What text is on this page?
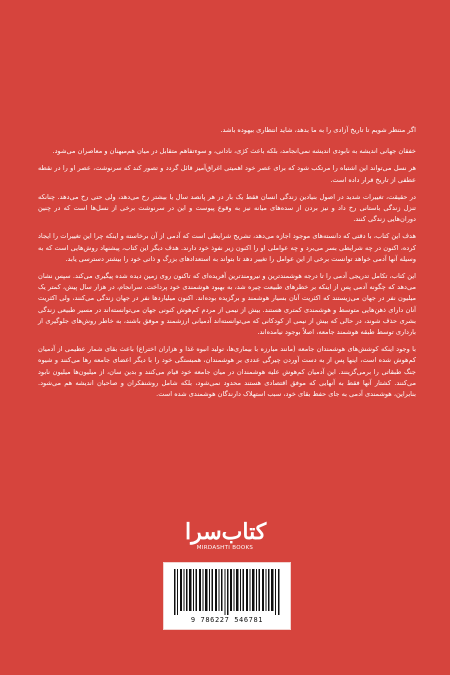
اگر منتظر شویم تا تاریخ آزادی را به ما بدهد، شاید انتظاری بیهوده باشد.

خفقان جهانی اندیشه به نابودی اندیشه نمی‌انجامد، بلکه باعث کژی، نادانی، و سوءتفاهم متقابل در میان هم‌میهنان و معاصران می‌شود.

هر نسل می‌تواند این اشتباه را مرتکب شود که برای عصر خود اهمیتی اغراق‌آمیز قائل گردد و تصور کند که سرنوشت، عصر او را در نقطه عطفی از تاریخ قرار داده است.

در حقیقت، تغییرات شدید در اصول بنیادین زندگی انسان فقط یک بار در هر پانصد سال یا بیشتر رخ می‌دهد، ولی حتی رخ می‌دهد. چنانکه تنزل زندگی باستانی رخ داد و نیز بردن از سده‌های میانه نیز به وقوع پیوست و این در سرنوشت برخی از نسل‌ها است که در چنین دوران‌هایی زندگی کنند.

هدف این کتاب، با دقتی که دانسته‌های موجود اجازه می‌دهد، تشریح شرایطی است که آدمی از آن برخاسته و اینکه چرا این تغییرات را ایجاد کرده، اکنون در چه شرایطی بسر می‌برد و چه عواملی او را اکنون زیر نفوذ خود دارند. هدف دیگر این کتاب، پیشنهاد روش‌هایی است که به وسیله آنها آدمی خواهد توانست برخی از این عوامل را تغییر دهد تا بتواند به استعدادهای بزرگ و ذاتی خود را بیشتر دسترسی یابد.

این کتاب، تکامل تدریجی آدمی را تا درجه هوشمندترین و نیرومندترین آفریده‌ای که تاکنون روی زمین دیده شده پیگیری می‌کند. سپس نشان می‌دهد که چگونه آدمی پس از اینکه بر خطرهای طبیعت چیره شد، به بهبود هوشمندی خود پرداخت. سرانجام، در هزار سال پیش، کمتر یک میلیون نفر در جهان می‌زیستند که اکثریت آنان بسیار هوشمند و برگزیده بوده‌اند. اکنون میلیاردها نفر در جهان زندگی می‌کنند، ولی اکثریت آنان دارای ذهن‌هایی متوسط و هوشمندی کمتری هستند. بیش از نیمی از مردم کم‌هوش کنونی جهان می‌توانسته‌اند در مسیر طبیعی زندگی بشری حذف شوند، در حالی که بیش از نیمی از کودکانی که می‌توانسته‌اند آدمیانی ارزشمند و موفق باشند، به خاطر روش‌های جلوگیری از بارداری توسط طبقه هوشمند جامعه، اصلاً بوجود نیامده‌اند.

با وجود اینکه کوشش‌های هوشمندان جامعه (مانند مبارزه با بیماری‌ها، تولید انبوه غذا و هزاران اختراع) باعث بقای شمار عظیمی از آدمیان کم‌هوش شده است، اینها پس از به دست آوردن چیرگی عددی بر هوشمندان، همبستگی خود را با دیگر اعضای جامعه رها می‌کنند و شیوه جنگ طبقاتی را برمی‌گزینند. این آدمیان کم‌هوش علیه هوشمندان در میان جامعه خود قیام می‌کنند و بدین سان، از میلیون‌ها میلیون نابود می‌کنند. کشتار آنها فقط به آنهایی که موفق اقتصادی هستند محدود نمی‌شود، بلکه شامل روشنفکران و صاحبان اندیشه هم می‌شود. بنابراین، هوشمندی آدمی به جای حفظ بقای خود، سبب استهلاک دارندگان هوشمندی شده است.

کتاب‌سرا
MIRDASHTI BOOKS
9 786227 546781
